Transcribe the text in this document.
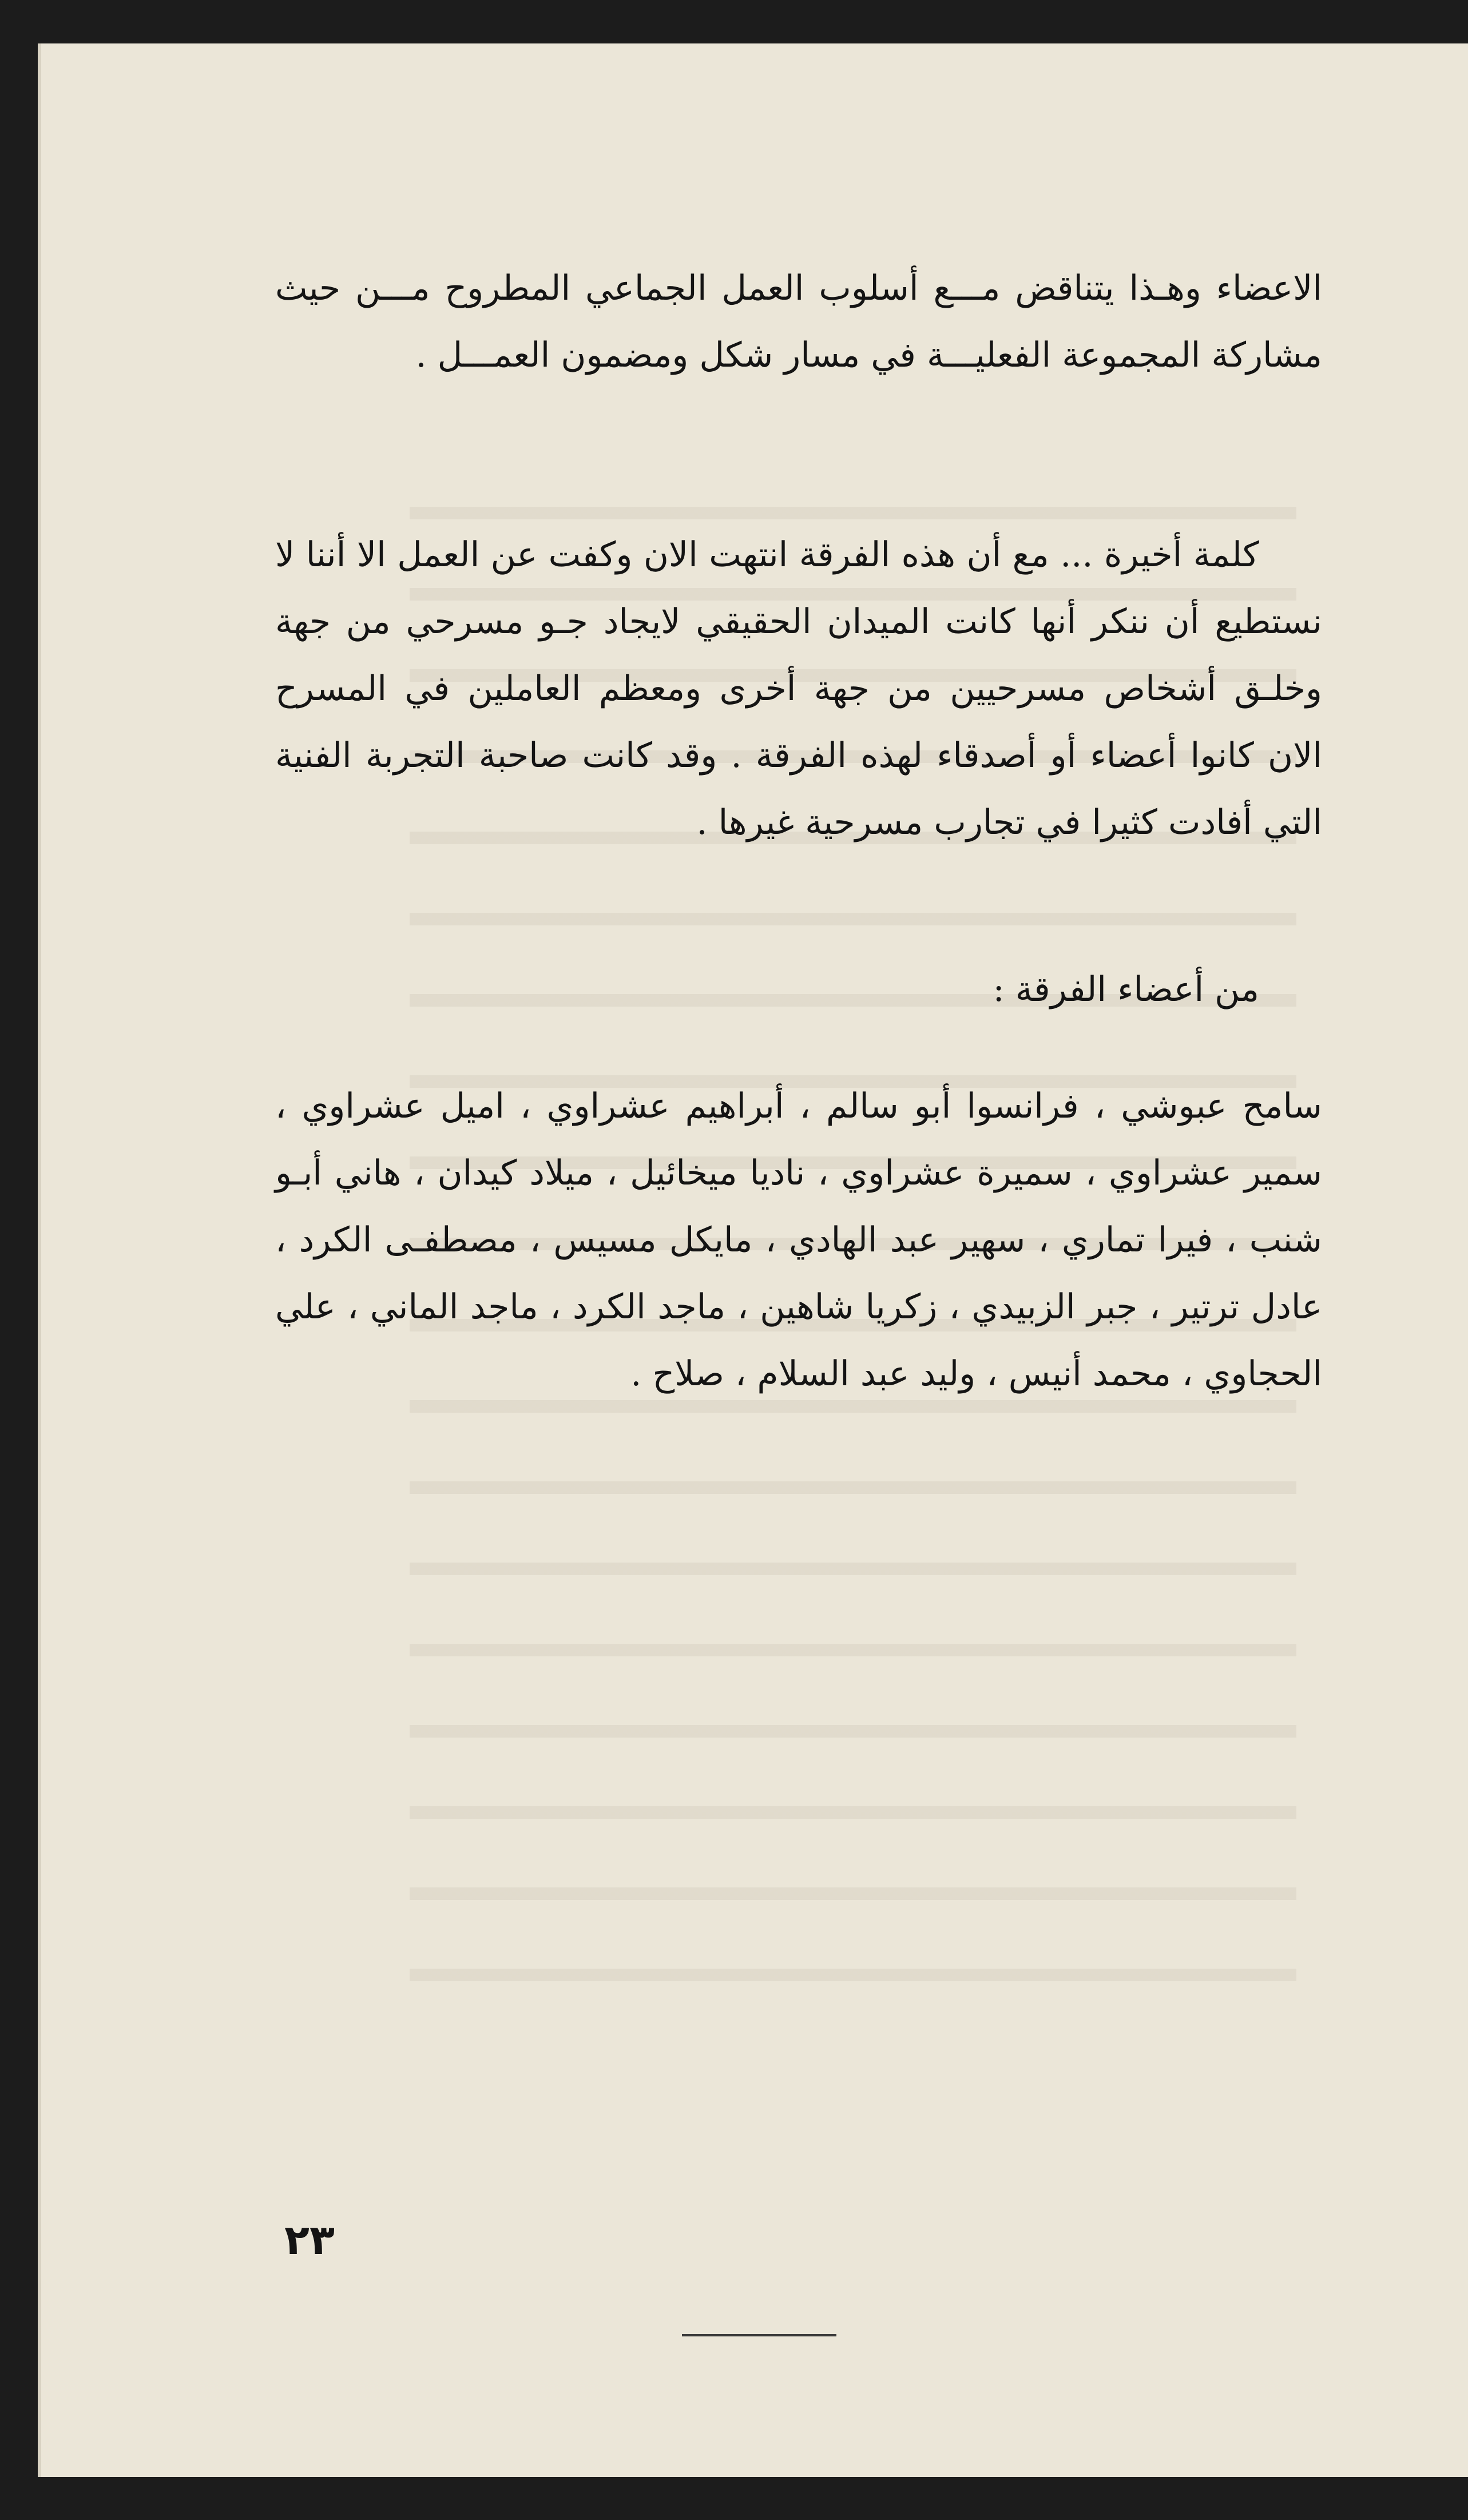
الاعضاء وهـذا يتناقض مـــع أسلوب العمل الجماعي المطروح مـــن حيث مشاركة المجموعة الفعليـــة في مسار شكل ومضمون العمـــل .

كلمة أخيرة ... مع أن هذه الفرقة انتهت الان وكفت عن العمل الا أننا لا نستطيع أن ننكر أنها كانت الميدان الحقيقي لايجاد جـو مسرحي من جهة وخلـق أشخاص مسرحيين من جهة أخرى ومعظم العاملين في المسرح الان كانوا أعضاء أو أصدقاء لهذه الفرقة . وقد كانت صاحبة التجربة الفنية التي أفادت كثيرا في تجارب مسرحية غيرها .

من أعضاء الفرقة :

سامح عبوشي ، فرانسوا أبو سالم ، أبراهيم عشراوي ، اميل عشراوي ، سمير عشراوي ، سميرة عشراوي ، ناديا ميخائيل ، ميلاد كيدان ، هاني أبـو شنب ، فيرا تماري ، سهير عبد الهادي ، مايكل مسيس ، مصطفـى الكرد ، عادل ترتير ، جبر الزبيدي ، زكريا شاهين ، ماجد الكرد ، ماجد الماني ، علي الحجاوي ، محمد أنيس ، وليد عبد السلام ، صلاح .

٢٣
